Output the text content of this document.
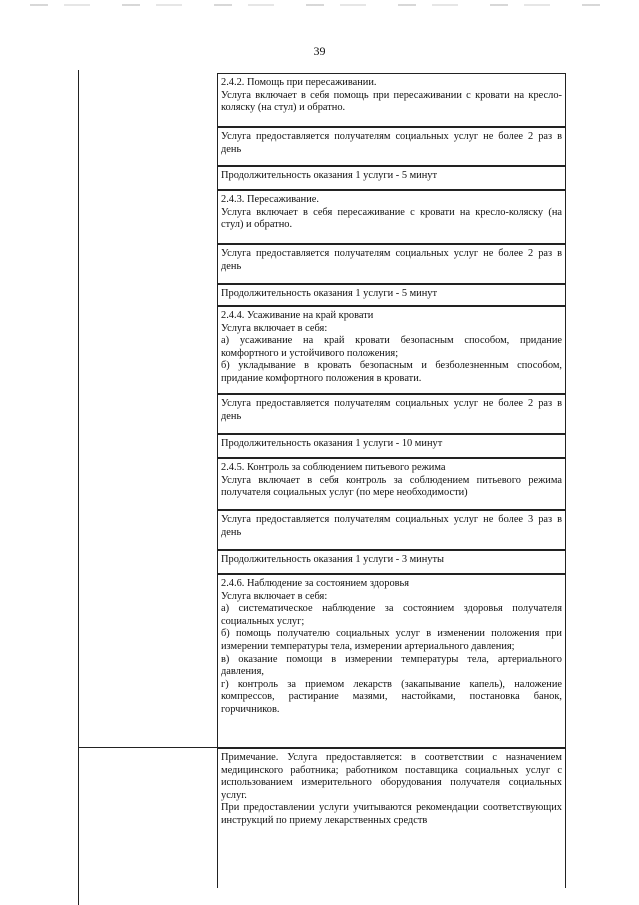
39
2.4.2. Помощь при пересаживании.
Услуга включает в себя помощь при пересаживании с кровати на кресло-коляску (на стул) и обратно.
Услуга предоставляется получателям социальных услуг не более 2 раз в день
Продолжительность оказания 1 услуги - 5 минут
2.4.3. Пересаживание.
Услуга включает в себя пересаживание с кровати на кресло-коляску (на стул) и обратно.
Услуга предоставляется получателям социальных услуг не более 2 раз в день
Продолжительность оказания 1 услуги - 5 минут
2.4.4. Усаживание на край кровати
Услуга включает в себя:
а) усаживание на край кровати безопасным способом, придание комфортного и устойчивого положения;
б) укладывание в кровать безопасным и безболезненным способом, придание комфортного положения в кровати.
Услуга предоставляется получателям социальных услуг не более 2 раз в день
Продолжительность оказания 1 услуги - 10 минут
2.4.5. Контроль за соблюдением питьевого режима
Услуга включает в себя контроль за соблюдением питьевого режима получателя социальных услуг (по мере необходимости)
Услуга предоставляется получателям социальных услуг не более 3 раз в день
Продолжительность оказания 1 услуги - 3 минуты
2.4.6. Наблюдение за состоянием здоровья
Услуга включает в себя:
а) систематическое наблюдение за состоянием здоровья получателя социальных услуг;
б) помощь получателю социальных услуг в изменении положения при измерении температуры тела, измерении артериального давления;
в) оказание помощи в измерении температуры тела, артериального давления,
г) контроль за приемом лекарств (закапывание капель), наложение компрессов, растирание мазями, настойками, постановка банок, горчичников.
Примечание. Услуга предоставляется: в соответствии с назначением медицинского работника; работником поставщика социальных услуг с использованием измерительного оборудования получателя социальных услуг.
При предоставлении услуги учитываются рекомендации соответствующих инструкций по приему лекарственных средств
